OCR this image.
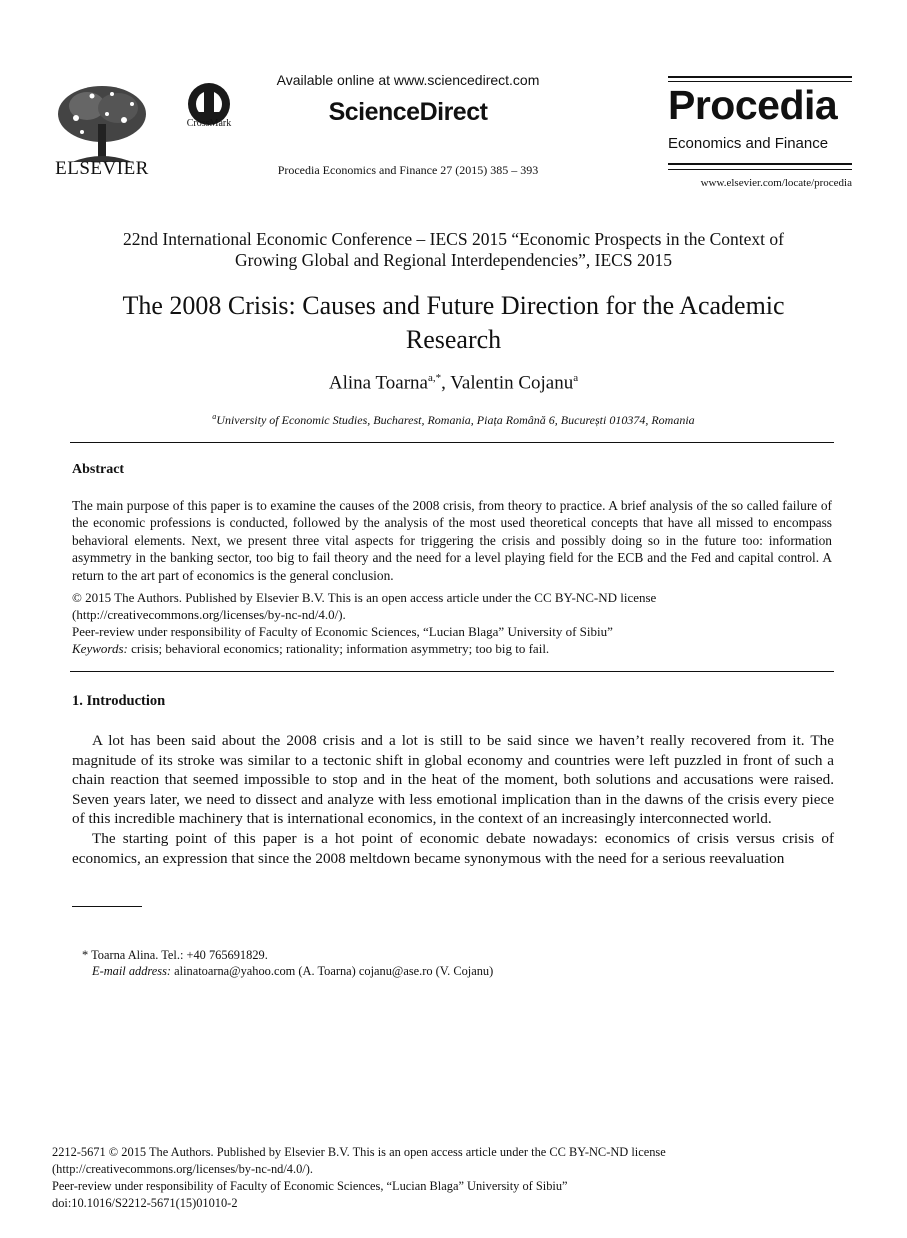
ELSEVIER
CrossMark
Available online at www.sciencedirect.com
ScienceDirect
Procedia Economics and Finance 27 (2015) 385 – 393
Procedia
Economics and Finance
www.elsevier.com/locate/procedia
22nd International Economic Conference – IECS 2015 “Economic Prospects in the Context of
Growing Global and Regional Interdependencies”, IECS 2015
The 2008 Crisis: Causes and Future Direction for the Academic
Research
Alina Toarna$^{a,*}$, Valentin Cojanu$^a$
$^a$University of Economic Studies, Bucharest, Romania, Piața Română 6, București 010374, Romania
Abstract
The main purpose of this paper is to examine the causes of the 2008 crisis, from theory to practice. A brief analysis of the so called failure of the economic professions is conducted, followed by the analysis of the most used theoretical concepts that have all missed to encompass behavioral elements. Next, we present three vital aspects for triggering the crisis and possibly doing so in the future too: information asymmetry in the banking sector, too big to fail theory and the need for a level playing field for the ECB and the Fed and capital control. A return to the art part of economics is the general conclusion.
© 2015 The Authors. Published by Elsevier B.V. This is an open access article under the CC BY-NC-ND license
(http://creativecommons.org/licenses/by-nc-nd/4.0/).
Peer-review under responsibility of Faculty of Economic Sciences, “Lucian Blaga” University of Sibiu”
Keywords: crisis; behavioral economics; rationality; information asymmetry; too big to fail.
1. Introduction

A lot has been said about the 2008 crisis and a lot is still to be said since we haven’t really recovered from it. The magnitude of its stroke was similar to a tectonic shift in global economy and countries were left puzzled in front of such a chain reaction that seemed impossible to stop and in the heat of the moment, both solutions and accusations were raised. Seven years later, we need to dissect and analyze with less emotional implication than in the dawns of the crisis every piece of this incredible machinery that is international economics, in the context of an increasingly interconnected world.

The starting point of this paper is a hot point of economic debate nowadays: economics of crisis versus crisis of economics, an expression that since the 2008 meltdown became synonymous with the need for a serious reevaluation

* Toarna Alina. Tel.: +40 765691829.
E-mail address: alinatoarna@yahoo.com (A. Toarna) cojanu@ase.ro (V. Cojanu)
2212-5671 © 2015 The Authors. Published by Elsevier B.V. This is an open access article under the CC BY-NC-ND license
(http://creativecommons.org/licenses/by-nc-nd/4.0/).
Peer-review under responsibility of Faculty of Economic Sciences, “Lucian Blaga” University of Sibiu”
doi:10.1016/S2212-5671(15)01010-2
